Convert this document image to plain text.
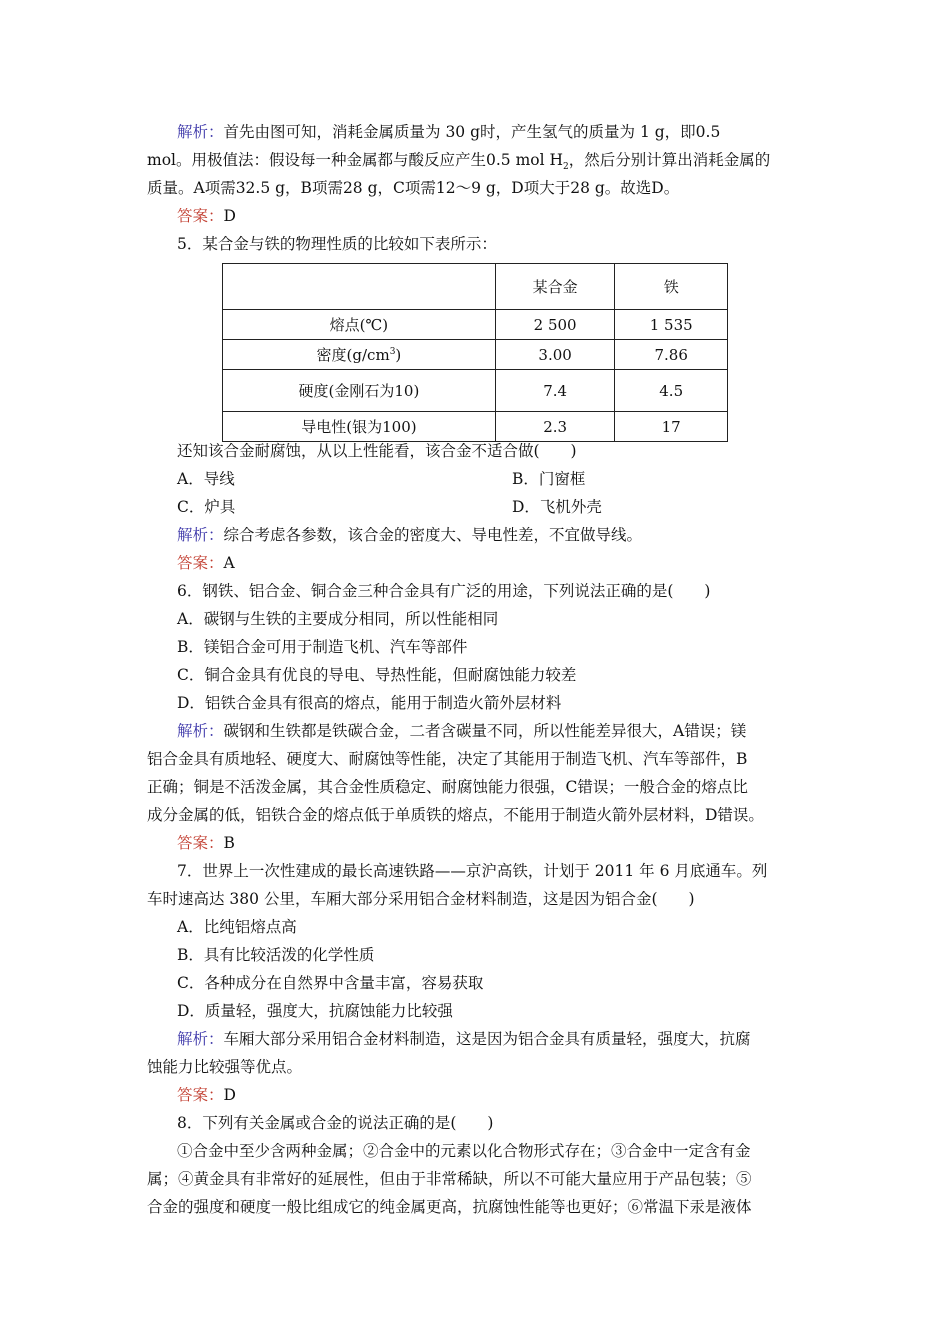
解析：首先由图可知，消耗金属质量为 30 g时，产生氢气的质量为 1 g，即0.5
mol。用极值法：假设每一种金属都与酸反应产生0.5 mol $H_2$，然后分别计算出消耗金属的
质量。A项需32.5 g，B项需28 g，C项需12～9 g，D项大于28 g。故选D。
答案：D
5．某合金与铁的物理性质的比较如下表所示：
	某合金	铁
熔点(℃)	2 500	1 535
密度$(g/cm^3)$	3.00	7.86
硬度(金刚石为10)	7.4	4.5
导电性(银为100)	2.3	17
还知该合金耐腐蚀，从以上性能看，该合金不适合做(　　)
A．导线	B．门窗框
C．炉具	D．飞机外壳
解析：综合考虑各参数，该合金的密度大、导电性差，不宜做导线。
答案：A
6．钢铁、铝合金、铜合金三种合金具有广泛的用途，下列说法正确的是(　　)
A．碳钢与生铁的主要成分相同，所以性能相同
B．镁铝合金可用于制造飞机、汽车等部件
C．铜合金具有优良的导电、导热性能，但耐腐蚀能力较差
D．铝铁合金具有很高的熔点，能用于制造火箭外层材料
解析：碳钢和生铁都是铁碳合金，二者含碳量不同，所以性能差异很大，A错误；镁
铝合金具有质地轻、硬度大、耐腐蚀等性能，决定了其能用于制造飞机、汽车等部件，B
正确；铜是不活泼金属，其合金性质稳定、耐腐蚀能力很强，C错误；一般合金的熔点比
成分金属的低，铝铁合金的熔点低于单质铁的熔点，不能用于制造火箭外层材料，D错误。
答案：B
7．世界上一次性建成的最长高速铁路——京沪高铁，计划于 2011 年 6 月底通车。列
车时速高达 380 公里，车厢大部分采用铝合金材料制造，这是因为铝合金(　　)
A．比纯铝熔点高
B．具有比较活泼的化学性质
C．各种成分在自然界中含量丰富，容易获取
D．质量轻，强度大，抗腐蚀能力比较强
解析：车厢大部分采用铝合金材料制造，这是因为铝合金具有质量轻，强度大，抗腐
蚀能力比较强等优点。
答案：D
8．下列有关金属或合金的说法正确的是(　　)
①合金中至少含两种金属；②合金中的元素以化合物形式存在；③合金中一定含有金
属；④黄金具有非常好的延展性，但由于非常稀缺，所以不可能大量应用于产品包装；⑤
合金的强度和硬度一般比组成它的纯金属更高，抗腐蚀性能等也更好；⑥常温下汞是液体
